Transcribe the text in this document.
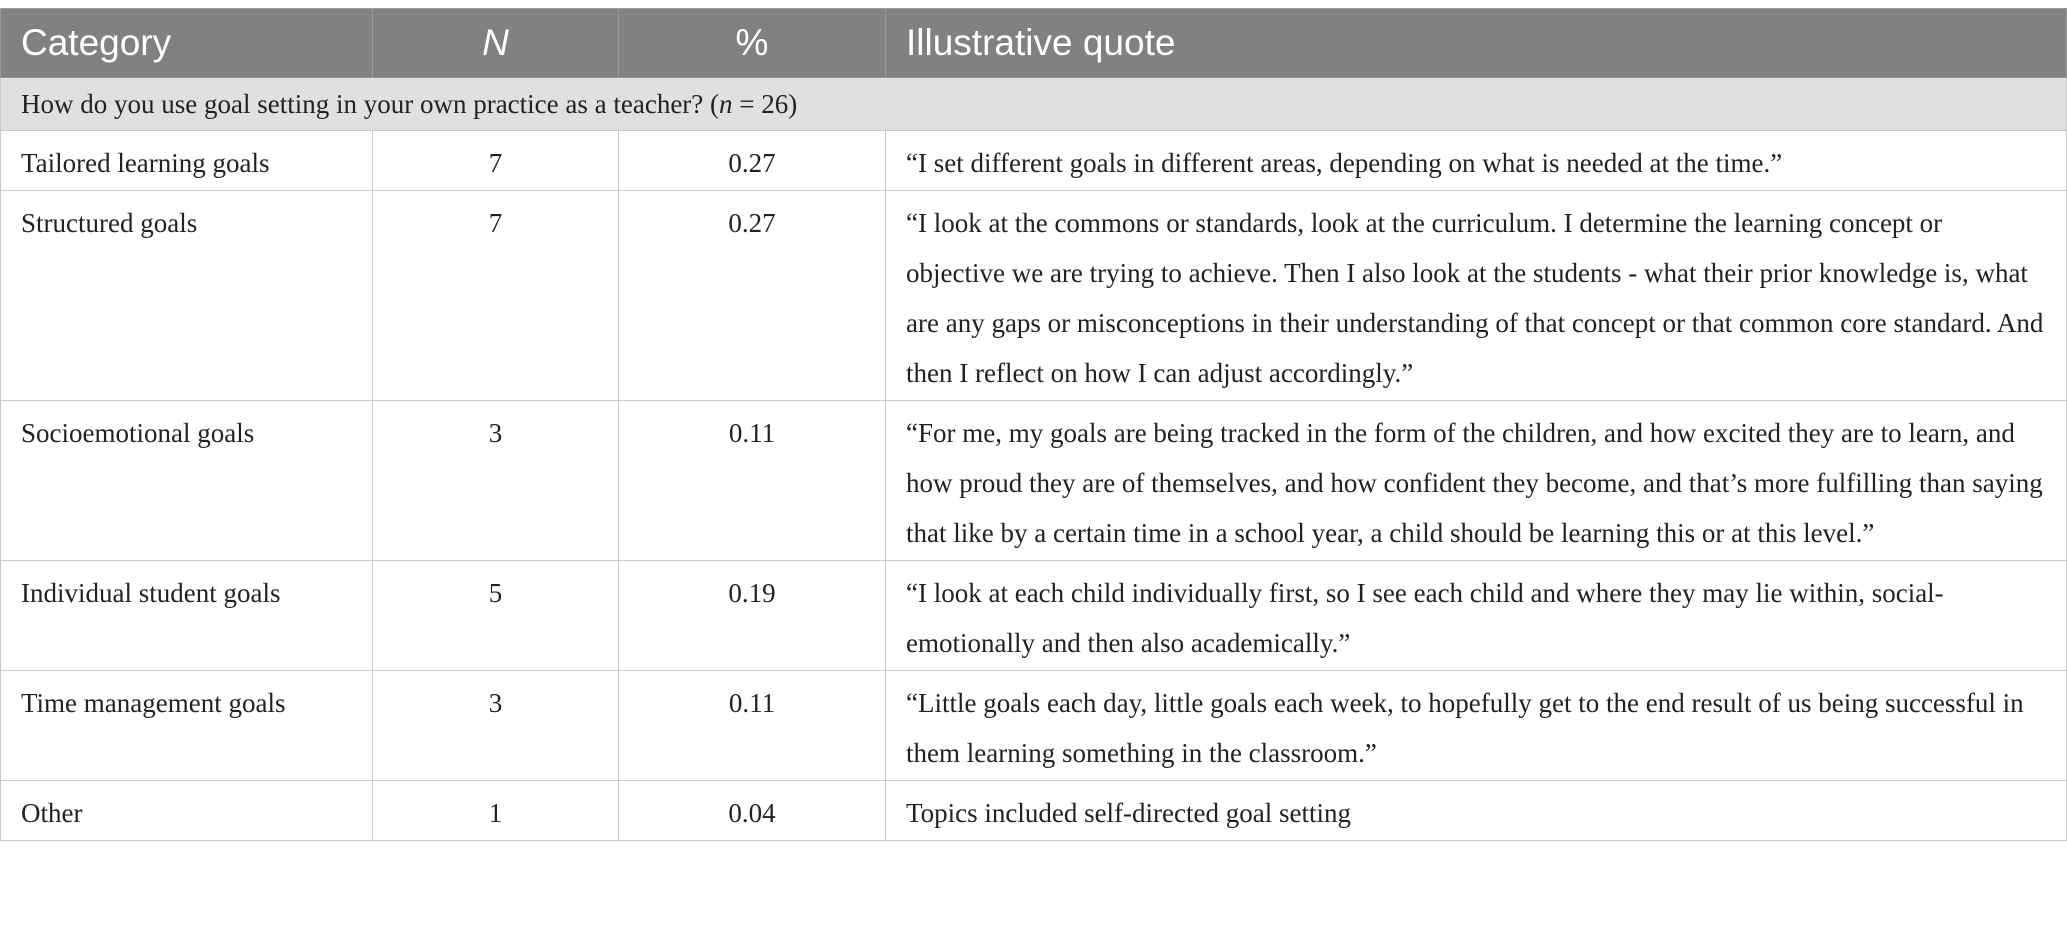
Category	N	%	Illustrative quote
How do you use goal setting in your own practice as a teacher? (n = 26)			
Tailored learning goals	7	0.27	“I set different goals in different areas, depending on what is needed at the time.”
Structured goals	7	0.27	“I look at the commons or standards, look at the curriculum. I determine the learning concept or objective we are trying to achieve. Then I also look at the students - what their prior knowledge is, what are any gaps or misconceptions in their understanding of that concept or that common core standard. And then I reflect on how I can adjust accordingly.”
Socioemotional goals	3	0.11	“For me, my goals are being tracked in the form of the children, and how excited they are to learn, and how proud they are of themselves, and how confident they become, and that’s more fulfilling than saying that like by a certain time in a school year, a child should be learning this or at this level.”
Individual student goals	5	0.19	“I look at each child individually first, so I see each child and where they may lie within, social-emotionally and then also academically.”
Time management goals	3	0.11	“Little goals each day, little goals each week, to hopefully get to the end result of us being successful in them learning something in the classroom.”
Other	1	0.04	Topics included self-directed goal setting
